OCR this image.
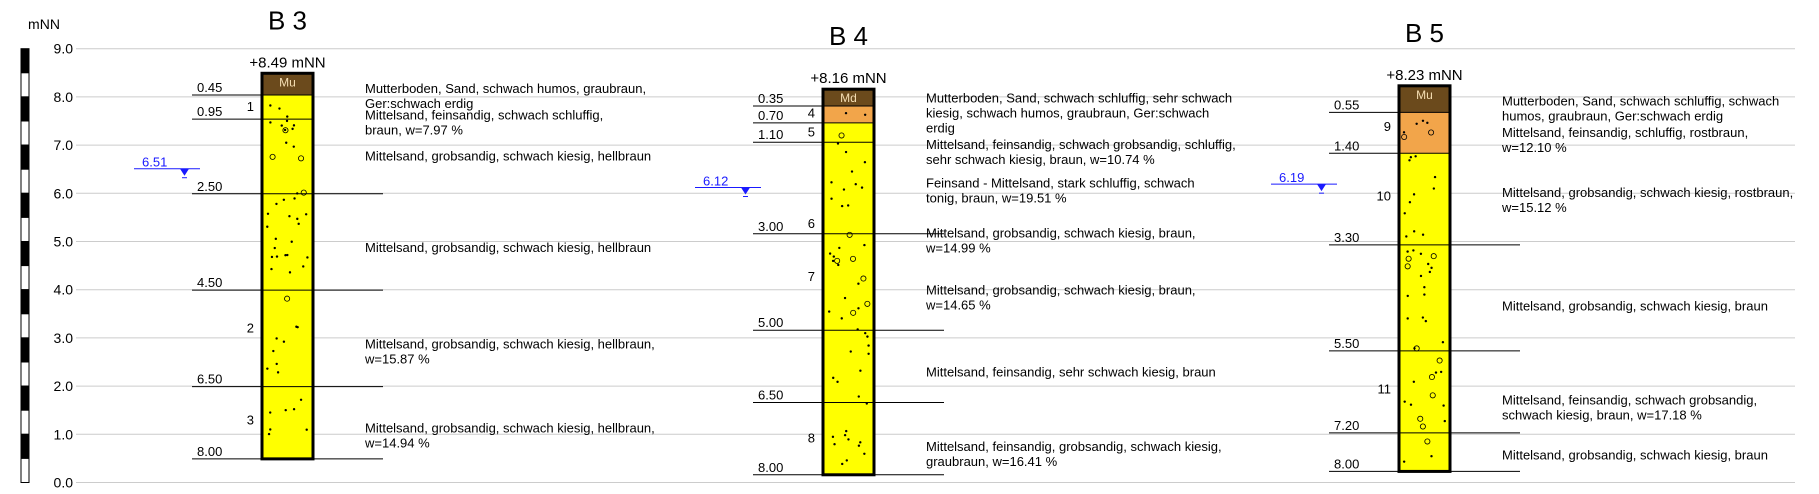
mNN
9.0
8.0
7.0
6.0
5.0
4.0
3.0
2.0
1.0
0.0
B 3
+8.49 mNN
Mu
0.45
0.95
2.50
4.50
6.50
8.00
1
2
3
6.51
Mutterboden, Sand, schwach humos, graubraun, Ger:schwach erdig
Mittelsand, feinsandig, schwach schluffig, braun, w=7.97 %
Mittelsand, grobsandig, schwach kiesig, hellbraun
Mittelsand, grobsandig, schwach kiesig, hellbraun
Mittelsand, grobsandig, schwach kiesig, hellbraun, w=15.87 %
Mittelsand, grobsandig, schwach kiesig, hellbraun, w=14.94 %
B 4
+8.16 mNN
Md
0.35
0.70
1.10
3.00
5.00
6.50
8.00
4
5
6
7
8
6.12
Mutterboden, Sand, schwach schluffig, sehr schwach kiesig, schwach humos, graubraun, Ger:schwach erdig
Mittelsand, feinsandig, schwach grobsandig, schluffig, sehr schwach kiesig, braun, w=10.74 %
Feinsand - Mittelsand, stark schluffig, schwach tonig, braun, w=19.51 %
Mittelsand, grobsandig, schwach kiesig, braun, w=14.99 %
Mittelsand, grobsandig, schwach kiesig, braun, w=14.65 %
Mittelsand, feinsandig, sehr schwach kiesig, braun
Mittelsand, feinsandig, grobsandig, schwach kiesig, graubraun, w=16.41 %
B 5
+8.23 mNN
Mu
0.55
1.40
3.30
5.50
7.20
8.00
9
10
11
6.19
Mutterboden, Sand, schwach schluffig, schwach humos, graubraun, Ger:schwach erdig
Mittelsand, feinsandig, schluffig, rostbraun, w=12.10 %
Mittelsand, grobsandig, schwach kiesig, rostbraun, w=15.12 %
Mittelsand, grobsandig, schwach kiesig, braun
Mittelsand, feinsandig, schwach grobsandig, schwach kiesig, braun, w=17.18 %
Mittelsand, grobsandig, schwach kiesig, braun
